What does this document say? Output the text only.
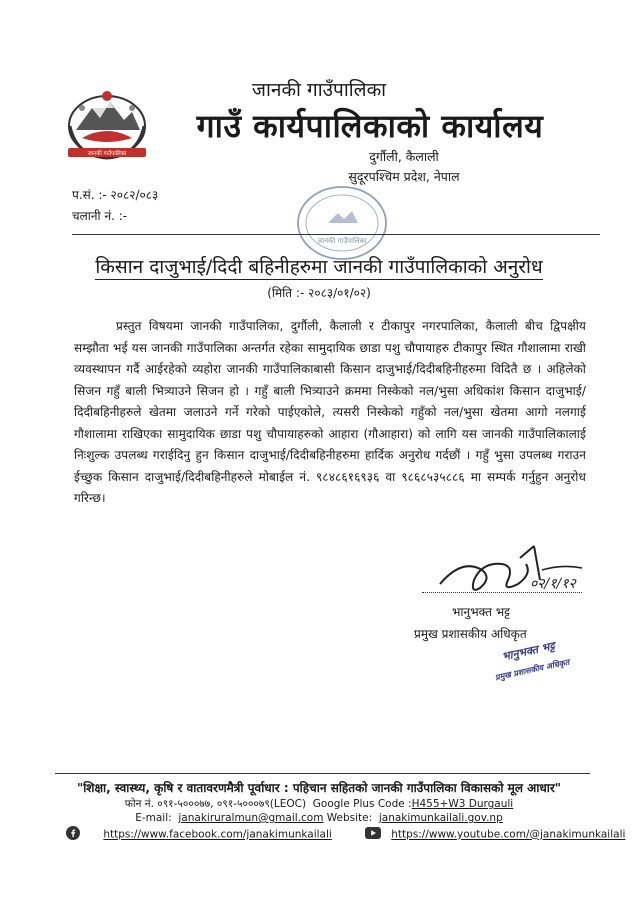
जानकी गाउँपालिका
जानकी गाउँपालिका
गाउँ कार्यपालिकाको कार्यालय
दुर्गौली, कैलाली
सुदूरपश्चिम प्रदेश, नेपाल
प.सं. :- २०८२/०८३
चलानी नं. :-
जानकी गाउँपालिका
किसान दाजुभाई/दिदी बहिनीहरुमा जानकी गाउँपालिकाको अनुरोध
(मिति :- २०८३/०१/०२)
प्रस्तुत विषयमा जानकी गाउँपालिका, दुर्गौली, कैलाली र टीकापुर नगरपालिका, कैलाली बीच द्विपक्षीय सम्झौता भई यस जानकी गाउँपालिका अन्तर्गत रहेका सामुदायिक छाडा पशु चौपायाहरु टीकापुर स्थित गौशालामा राखी व्यवस्थापन गर्दै आईरहेको व्यहोरा जानकी गाउँपालिकाबासी किसान दाजुभाई/दिदीबहिनीहरुमा विदितै छ । अहिलेको सिजन गहुँ बाली भित्र्याउने सिजन हो । गहुँ बाली भित्र्याउने क्रममा निस्केको नल/भुसा अधिकांश किसान दाजुभाई/दिदीबहिनीहरुले खेतमा जलाउने गर्ने गरेको पाईएकोले, त्यसरी निस्केको गहुँको नल/भुसा खेतमा आगो नलगाई गौशालामा राखिएका सामुदायिक छाडा पशु चौपायाहरुको आहारा (गौआहारा) को लागि यस जानकी गाउँपालिकालाई निःशुल्क उपलब्ध गराईदिनु हुन किसान दाजुभाई/दिदीबहिनीहरुमा हार्दिक अनुरोध गर्दछौं । गहुँ भुसा उपलब्ध गराउन ईच्छुक किसान दाजुभाई/दिदीबहिनीहरुले मोबाईल नं. ९८४८६१६९३६ वा ९८६८५३५८८६ मा सम्पर्क गर्नुहुन अनुरोध गरिन्छ।
०२/१/१२
भानुभक्त भट्ट
प्रमुख प्रशासकीय अधिकृत
भानुभक्त भट्ट
प्रमुख प्रशासकीय अधिकृत
"शिक्षा, स्वास्थ्य, कृषि र वातावरणमैत्री पूर्वाधार : पहिचान सहितको जानकी गाउँपालिका विकासको मूल आधार"
फोन नं. ०९१-५०००७७, ०९१-५०००७९(LEOC) Google Plus Code :H455+W3 Durgauli
E-mail: janakiruralmun@gmail.com Website: janakimunkailali.gov.np
https://www.facebook.com/janakimunkailali	https://www.youtube.com/@janakimunkailali
